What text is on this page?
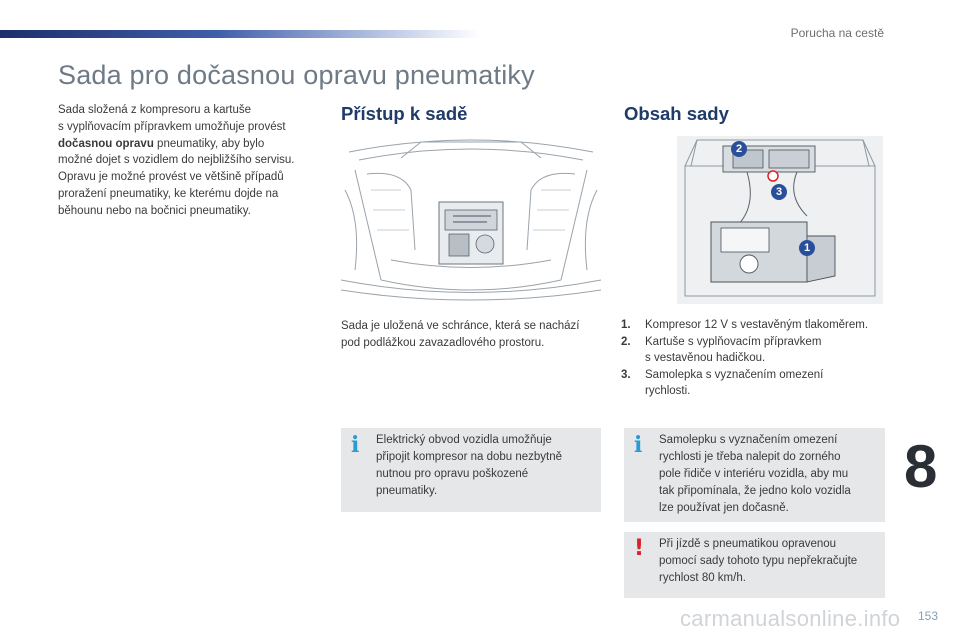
Porucha na cestě
Sada pro dočasnou opravu pneumatiky
Sada složená z kompresoru a kartuše
s vyplňovacím přípravkem umožňuje provést
dočasnou opravu pneumatiky, aby bylo
možné dojet s vozidlem do nejbližšího servisu.
Opravu je možné provést ve většině případů
proražení pneumatiky, ke kterému dojde na
běhounu nebo na bočnici pneumatiky.
Přístup k sadě
Sada je uložená ve schránce, která se nachází
pod podlážkou zavazadlového prostoru.
i Elektrický obvod vozidla umožňuje
připojit kompresor na dobu nezbytně
nutnou pro opravu poškozené
pneumatiky.
Obsah sady
2
3
1
1.	Kompresor 12 V s vestavěným tlakoměrem.
2.	Kartuše s vyplňovacím přípravkem
s vestavěnou hadičkou.
3.	Samolepka s vyznačením omezení
rychlosti.
i Samolepku s vyznačením omezení
rychlosti je třeba nalepit do zorného
pole řidiče v interiéru vozidla, aby mu
tak připomínala, že jedno kolo vozidla
lze používat jen dočasně.
! Při jízdě s pneumatikou opravenou
pomocí sady tohoto typu nepřekračujte
rychlost 80 km/h.
8
carmanualsonline.info 153
